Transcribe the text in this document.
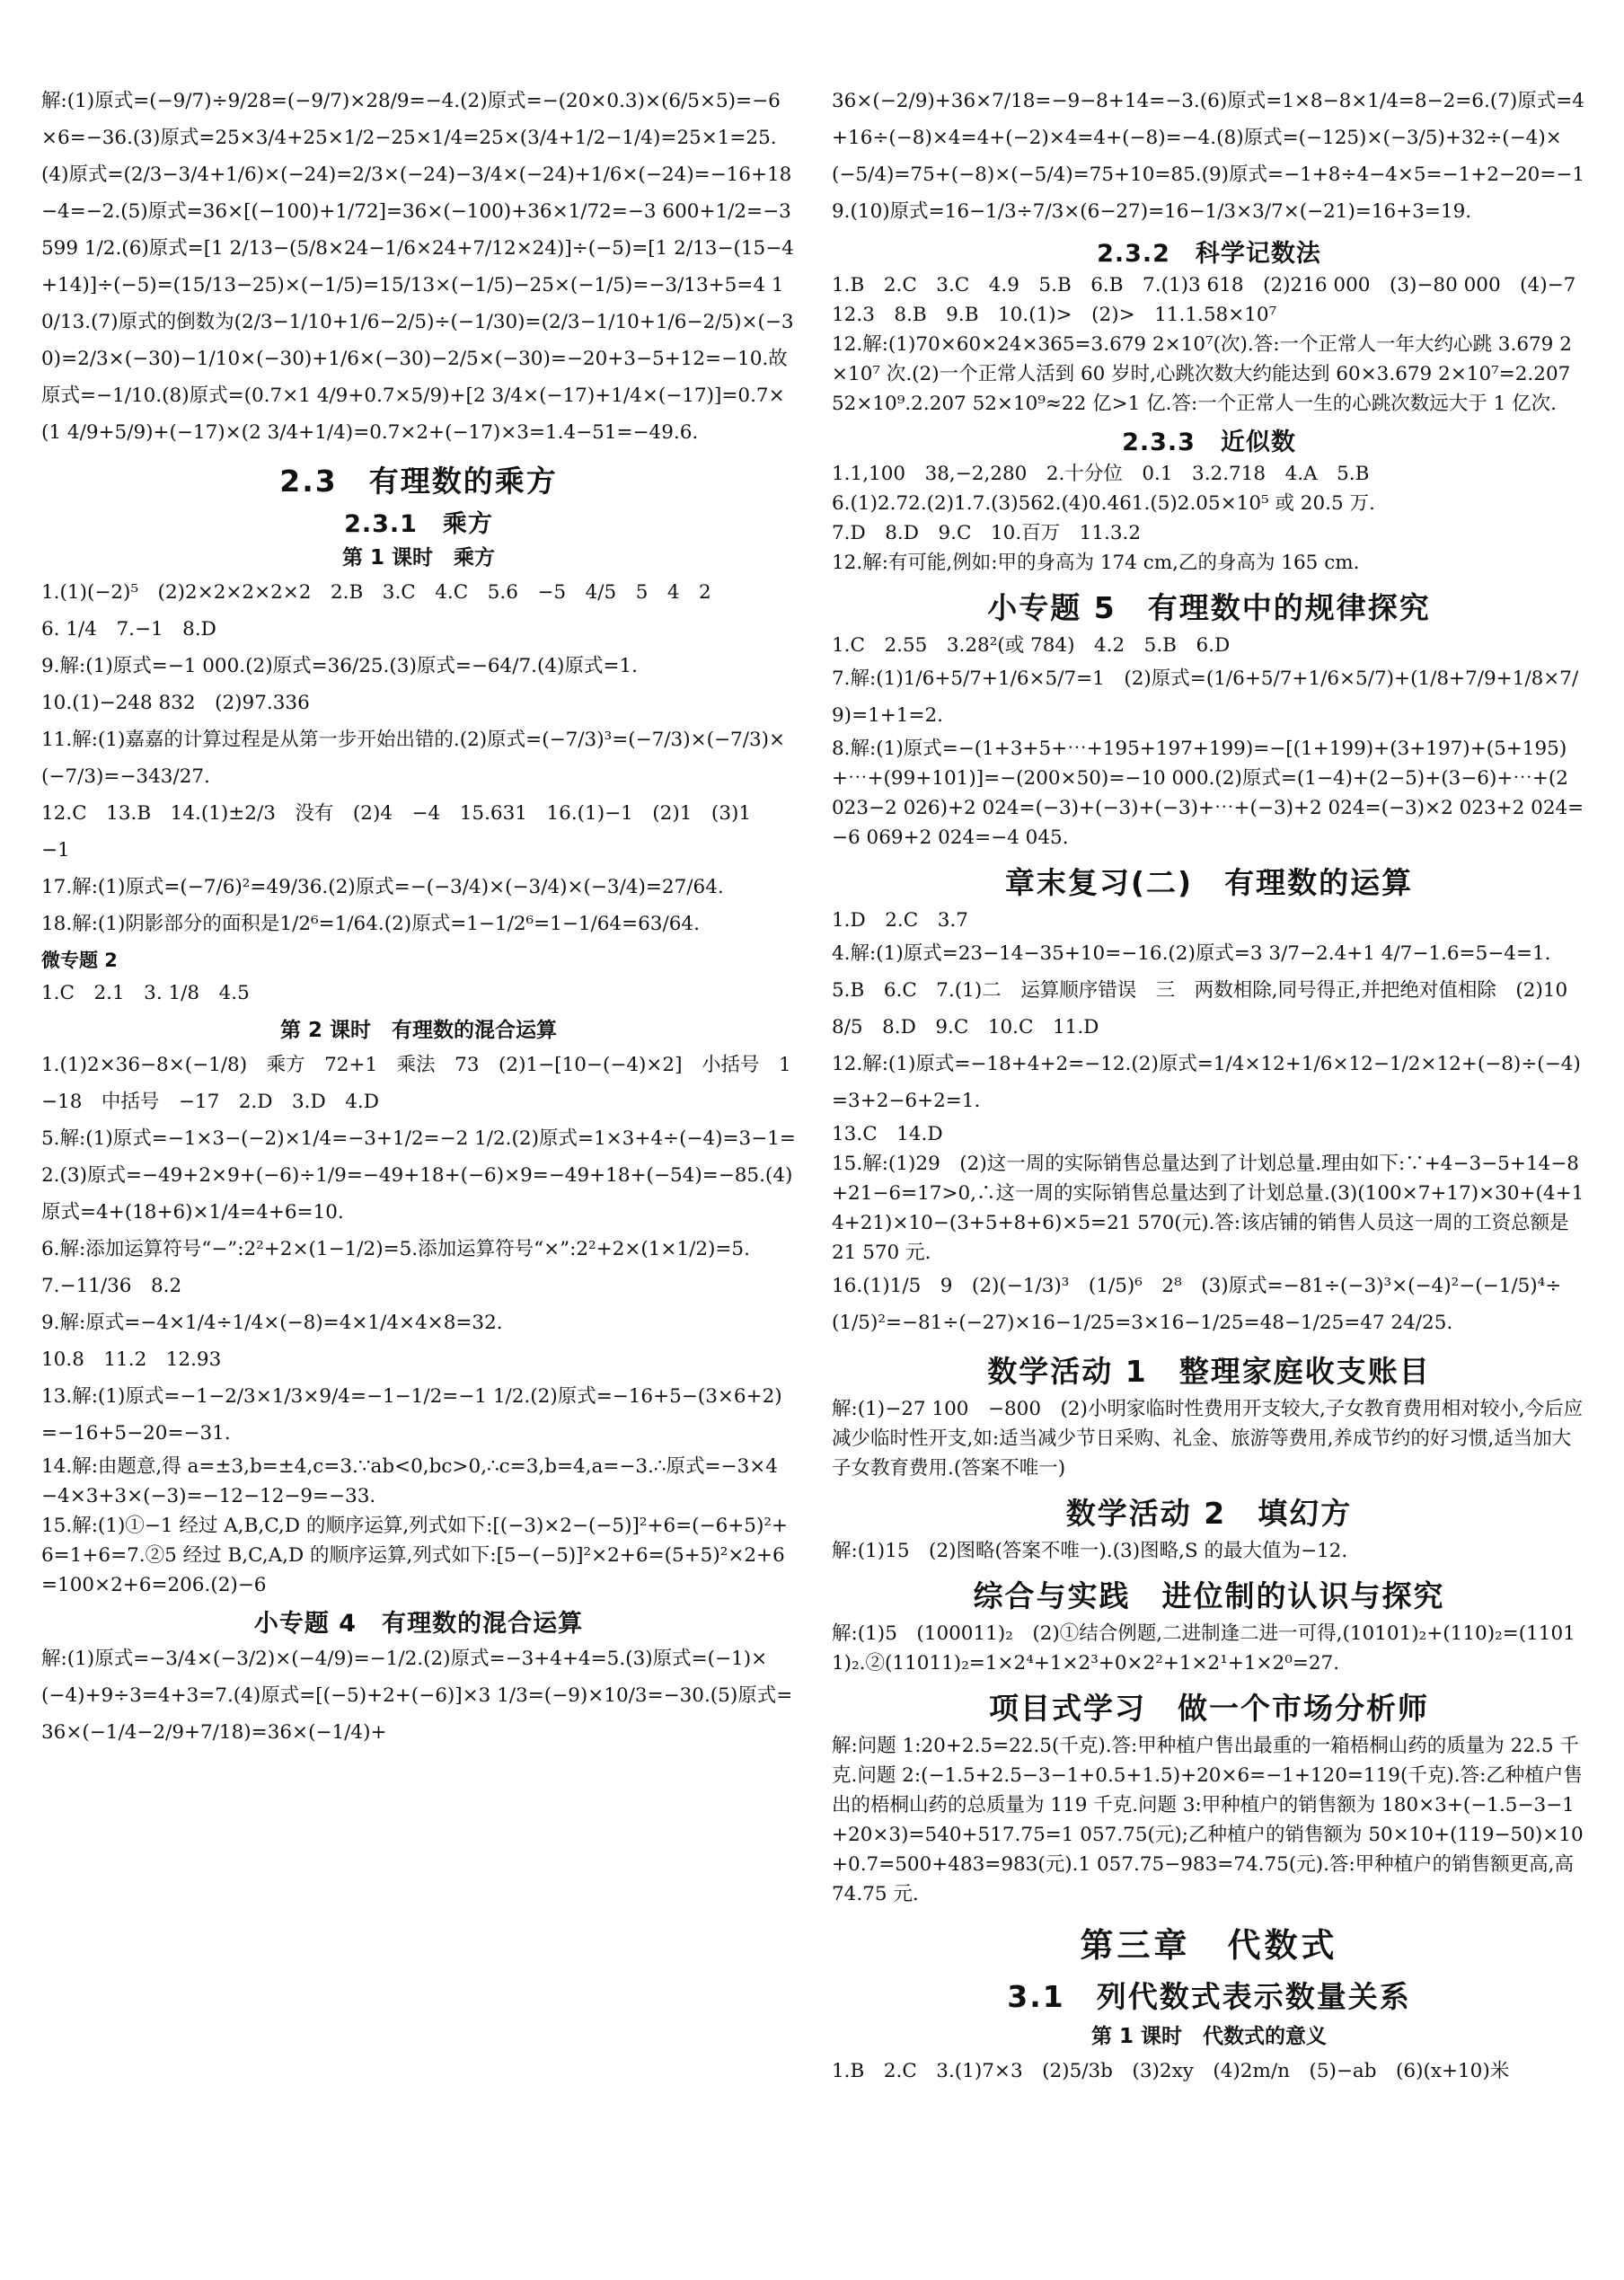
解:(1)原式=(−9/7)÷9/28=(−9/7)×28/9=−4.(2)原式=−(20×0.3)×(6/5×5)=−6×6=−36.(3)原式=25×3/4+25×1/2−25×1/4=25×(3/4+1/2−1/4)=25×1=25.(4)原式=(2/3−3/4+1/6)×(−24)=2/3×(−24)−3/4×(−24)+1/6×(−24)=−16+18−4=−2.(5)原式=36×[(−100)+1/72]=36×(−100)+36×1/72=−3 600+1/2=−3 599 1/2.(6)原式=[1 2/13−(5/8×24−1/6×24+7/12×24)]÷(−5)=[1 2/13−(15−4+14)]÷(−5)=(15/13−25)×(−1/5)=15/13×(−1/5)−25×(−1/5)=−3/13+5=4 10/13.(7)原式的倒数为(2/3−1/10+1/6−2/5)÷(−1/30)=(2/3−1/10+1/6−2/5)×(−30)=2/3×(−30)−1/10×(−30)+1/6×(−30)−2/5×(−30)=−20+3−5+12=−10.故原式=−1/10.(8)原式=(0.7×1 4/9+0.7×5/9)+[2 3/4×(−17)+1/4×(−17)]=0.7×(1 4/9+5/9)+(−17)×(2 3/4+1/4)=0.7×2+(−17)×3=1.4−51=−49.6.

2.3　有理数的乘方
2.3.1　乘方
第 1 课时　乘方

1.(1)(−2)⁵　(2)2×2×2×2×2　2.B　3.C　4.C　5.6　−5　4/5　5　4　2

6. 1/4　7.−1　8.D

9.解:(1)原式=−1 000.(2)原式=36/25.(3)原式=−64/7.(4)原式=1.

10.(1)−248 832　(2)97.336

11.解:(1)嘉嘉的计算过程是从第一步开始出错的.(2)原式=(−7/3)³=(−7/3)×(−7/3)×(−7/3)=−343/27.

12.C　13.B　14.(1)±2/3　没有　(2)4　−4　15.631　16.(1)−1　(2)1　(3)1　−1

17.解:(1)原式=(−7/6)²=49/36.(2)原式=−(−3/4)×(−3/4)×(−3/4)=27/64.

18.解:(1)阴影部分的面积是1/2⁶=1/64.(2)原式=1−1/2⁶=1−1/64=63/64.

微专题 2

1.C　2.1　3. 1/8　4.5

第 2 课时　有理数的混合运算

1.(1)2×36−8×(−1/8)　乘方　72+1　乘法　73　(2)1−[10−(−4)×2]　小括号　1−18　中括号　−17　2.D　3.D　4.D

5.解:(1)原式=−1×3−(−2)×1/4=−3+1/2=−2 1/2.(2)原式=1×3+4÷(−4)=3−1=2.(3)原式=−49+2×9+(−6)÷1/9=−49+18+(−6)×9=−49+18+(−54)=−85.(4)原式=4+(18+6)×1/4=4+6=10.

6.解:添加运算符号“−”:2²+2×(1−1/2)=5.添加运算符号“×”:2²+2×(1×1/2)=5.

7.−11/36　8.2

9.解:原式=−4×1/4÷1/4×(−8)=4×1/4×4×8=32.

10.8　11.2　12.93

13.解:(1)原式=−1−2/3×1/3×9/4=−1−1/2=−1 1/2.(2)原式=−16+5−(3×6+2)=−16+5−20=−31.

14.解:由题意,得 a=±3,b=±4,c=3.∵ab<0,bc>0,∴c=3,b=4,a=−3.∴原式=−3×4−4×3+3×(−3)=−12−12−9=−33.

15.解:(1)①−1 经过 A,B,C,D 的顺序运算,列式如下:[(−3)×2−(−5)]²+6=(−6+5)²+6=1+6=7.②5 经过 B,C,A,D 的顺序运算,列式如下:[5−(−5)]²×2+6=(5+5)²×2+6=100×2+6=206.(2)−6

小专题 4　有理数的混合运算

解:(1)原式=−3/4×(−3/2)×(−4/9)=−1/2.(2)原式=−3+4+4=5.(3)原式=(−1)×(−4)+9÷3=4+3=7.(4)原式=[(−5)+2+(−6)]×3 1/3=(−9)×10/3=−30.(5)原式=36×(−1/4−2/9+7/18)=36×(−1/4)+

36×(−2/9)+36×7/18=−9−8+14=−3.(6)原式=1×8−8×1/4=8−2=6.(7)原式=4+16÷(−8)×4=4+(−2)×4=4+(−8)=−4.(8)原式=(−125)×(−3/5)+32÷(−4)×(−5/4)=75+(−8)×(−5/4)=75+10=85.(9)原式=−1+8÷4−4×5=−1+2−20=−19.(10)原式=16−1/3÷7/3×(6−27)=16−1/3×3/7×(−21)=16+3=19.

2.3.2　科学记数法

1.B　2.C　3.C　4.9　5.B　6.B　7.(1)3 618　(2)216 000　(3)−80 000　(4)−712.3　8.B　9.B　10.(1)>　(2)>　11.1.58×10⁷

12.解:(1)70×60×24×365=3.679 2×10⁷(次).答:一个正常人一年大约心跳 3.679 2×10⁷ 次.(2)一个正常人活到 60 岁时,心跳次数大约能达到 60×3.679 2×10⁷=2.207 52×10⁹.2.207 52×10⁹≈22 亿>1 亿.答:一个正常人一生的心跳次数远大于 1 亿次.

2.3.3　近似数

1.1,100　38,−2,280　2.十分位　0.1　3.2.718　4.A　5.B

6.(1)2.72.(2)1.7.(3)562.(4)0.461.(5)2.05×10⁵ 或 20.5 万.

7.D　8.D　9.C　10.百万　11.3.2

12.解:有可能,例如:甲的身高为 174 cm,乙的身高为 165 cm.

小专题 5　有理数中的规律探究

1.C　2.55　3.28²(或 784)　4.2　5.B　6.D

7.解:(1)1/6+5/7+1/6×5/7=1　(2)原式=(1/6+5/7+1/6×5/7)+(1/8+7/9+1/8×7/9)=1+1=2.

8.解:(1)原式=−(1+3+5+⋯+195+197+199)=−[(1+199)+(3+197)+(5+195)+⋯+(99+101)]=−(200×50)=−10 000.(2)原式=(1−4)+(2−5)+(3−6)+⋯+(2 023−2 026)+2 024=(−3)+(−3)+(−3)+⋯+(−3)+2 024=(−3)×2 023+2 024=−6 069+2 024=−4 045.

章末复习(二)　有理数的运算

1.D　2.C　3.7

4.解:(1)原式=23−14−35+10=−16.(2)原式=3 3/7−2.4+1 4/7−1.6=5−4=1.

5.B　6.C　7.(1)二　运算顺序错误　三　两数相除,同号得正,并把绝对值相除　(2)108/5　8.D　9.C　10.C　11.D

12.解:(1)原式=−18+4+2=−12.(2)原式=1/4×12+1/6×12−1/2×12+(−8)÷(−4)=3+2−6+2=1.

13.C　14.D

15.解:(1)29　(2)这一周的实际销售总量达到了计划总量.理由如下:∵+4−3−5+14−8+21−6=17>0,∴这一周的实际销售总量达到了计划总量.(3)(100×7+17)×30+(4+14+21)×10−(3+5+8+6)×5=21 570(元).答:该店铺的销售人员这一周的工资总额是 21 570 元.

16.(1)1/5　9　(2)(−1/3)³　(1/5)⁶　2⁸　(3)原式=−81÷(−3)³×(−4)²−(−1/5)⁴÷(1/5)²=−81÷(−27)×16−1/25=3×16−1/25=48−1/25=47 24/25.

数学活动 1　整理家庭收支账目

解:(1)−27 100　−800　(2)小明家临时性费用开支较大,子女教育费用相对较小,今后应减少临时性开支,如:适当减少节日采购、礼金、旅游等费用,养成节约的好习惯,适当加大子女教育费用.(答案不唯一)

数学活动 2　填幻方

解:(1)15　(2)图略(答案不唯一).(3)图略,S 的最大值为−12.

综合与实践　进位制的认识与探究

解:(1)5　(100011)₂　(2)①结合例题,二进制逢二进一可得,(10101)₂+(110)₂=(11011)₂.②(11011)₂=1×2⁴+1×2³+0×2²+1×2¹+1×2⁰=27.

项目式学习　做一个市场分析师

解:问题 1:20+2.5=22.5(千克).答:甲种植户售出最重的一箱梧桐山药的质量为 22.5 千克.问题 2:(−1.5+2.5−3−1+0.5+1.5)+20×6=−1+120=119(千克).答:乙种植户售出的梧桐山药的总质量为 119 千克.问题 3:甲种植户的销售额为 180×3+(−1.5−3−1+20×3)=540+517.75=1 057.75(元);乙种植户的销售额为 50×10+(119−50)×10+0.7=500+483=983(元).1 057.75−983=74.75(元).答:甲种植户的销售额更高,高 74.75 元.

第三章　代数式
3.1　列代数式表示数量关系
第 1 课时　代数式的意义

1.B　2.C　3.(1)7×3　(2)5/3b　(3)2xy　(4)2m/n　(5)−ab　(6)(x+10)米
